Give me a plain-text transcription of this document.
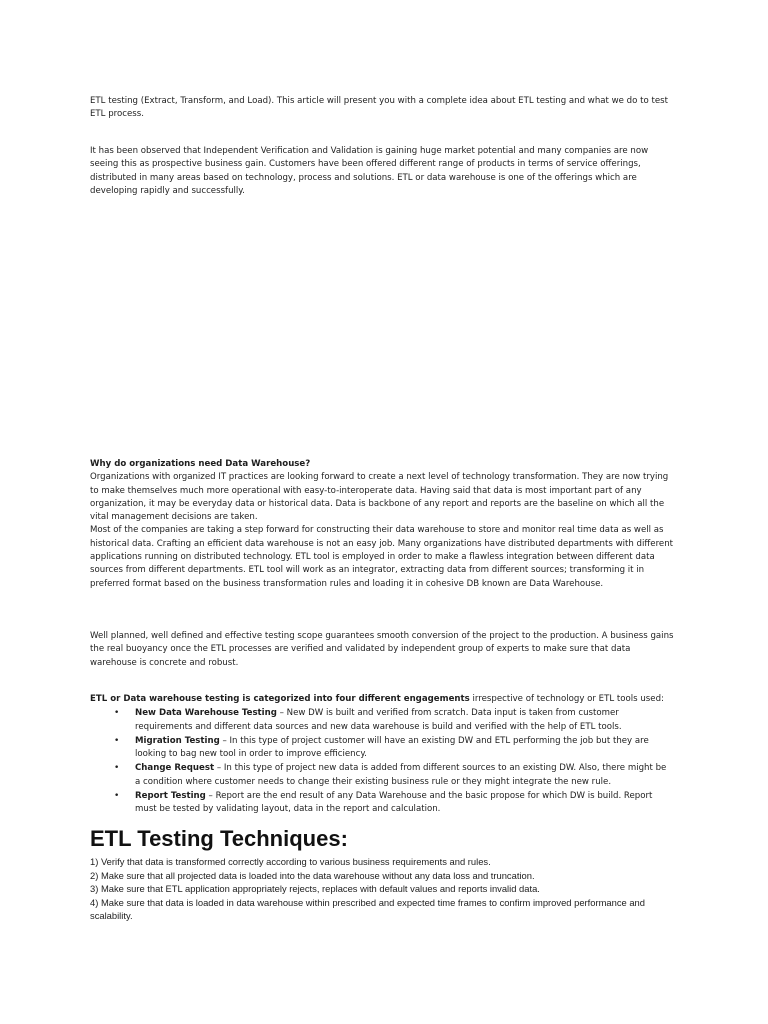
ETL testing (Extract, Transform, and Load). This article will present you with a complete idea about ETL testing and what we do to test ETL process.

It has been observed that Independent Verification and Validation is gaining huge market potential and many companies are now seeing this as prospective business gain. Customers have been offered different range of products in terms of service offerings, distributed in many areas based on technology, process and solutions. ETL or data warehouse is one of the offerings which are developing rapidly and successfully.

Why do organizations need Data Warehouse?

Organizations with organized IT practices are looking forward to create a next level of technology transformation. They are now trying to make themselves much more operational with easy-to-interoperate data. Having said that data is most important part of any organization, it may be everyday data or historical data. Data is backbone of any report and reports are the baseline on which all the vital management decisions are taken.

Most of the companies are taking a step forward for constructing their data warehouse to store and monitor real time data as well as historical data. Crafting an efficient data warehouse is not an easy job. Many organizations have distributed departments with different applications running on distributed technology. ETL tool is employed in order to make a flawless integration between different data sources from different departments. ETL tool will work as an integrator, extracting data from different sources; transforming it in preferred format based on the business transformation rules and loading it in cohesive DB known are Data Warehouse.

Well planned, well defined and effective testing scope guarantees smooth conversion of the project to the production. A business gains the real buoyancy once the ETL processes are verified and validated by independent group of experts to make sure that data warehouse is concrete and robust.

ETL or Data warehouse testing is categorized into four different engagements irrespective of technology or ETL tools used:

• New Data Warehouse Testing – New DW is built and verified from scratch. Data input is taken from customer requirements and different data sources and new data warehouse is build and verified with the help of ETL tools.
• Migration Testing – In this type of project customer will have an existing DW and ETL performing the job but they are looking to bag new tool in order to improve efficiency.
• Change Request – In this type of project new data is added from different sources to an existing DW. Also, there might be a condition where customer needs to change their existing business rule or they might integrate the new rule.
• Report Testing – Report are the end result of any Data Warehouse and the basic propose for which DW is build. Report must be tested by validating layout, data in the report and calculation.
ETL Testing Techniques:

1) Verify that data is transformed correctly according to various business requirements and rules.

2) Make sure that all projected data is loaded into the data warehouse without any data loss and truncation.

3) Make sure that ETL application appropriately rejects, replaces with default values and reports invalid data.

4) Make sure that data is loaded in data warehouse within prescribed and expected time frames to confirm improved performance and scalability.
